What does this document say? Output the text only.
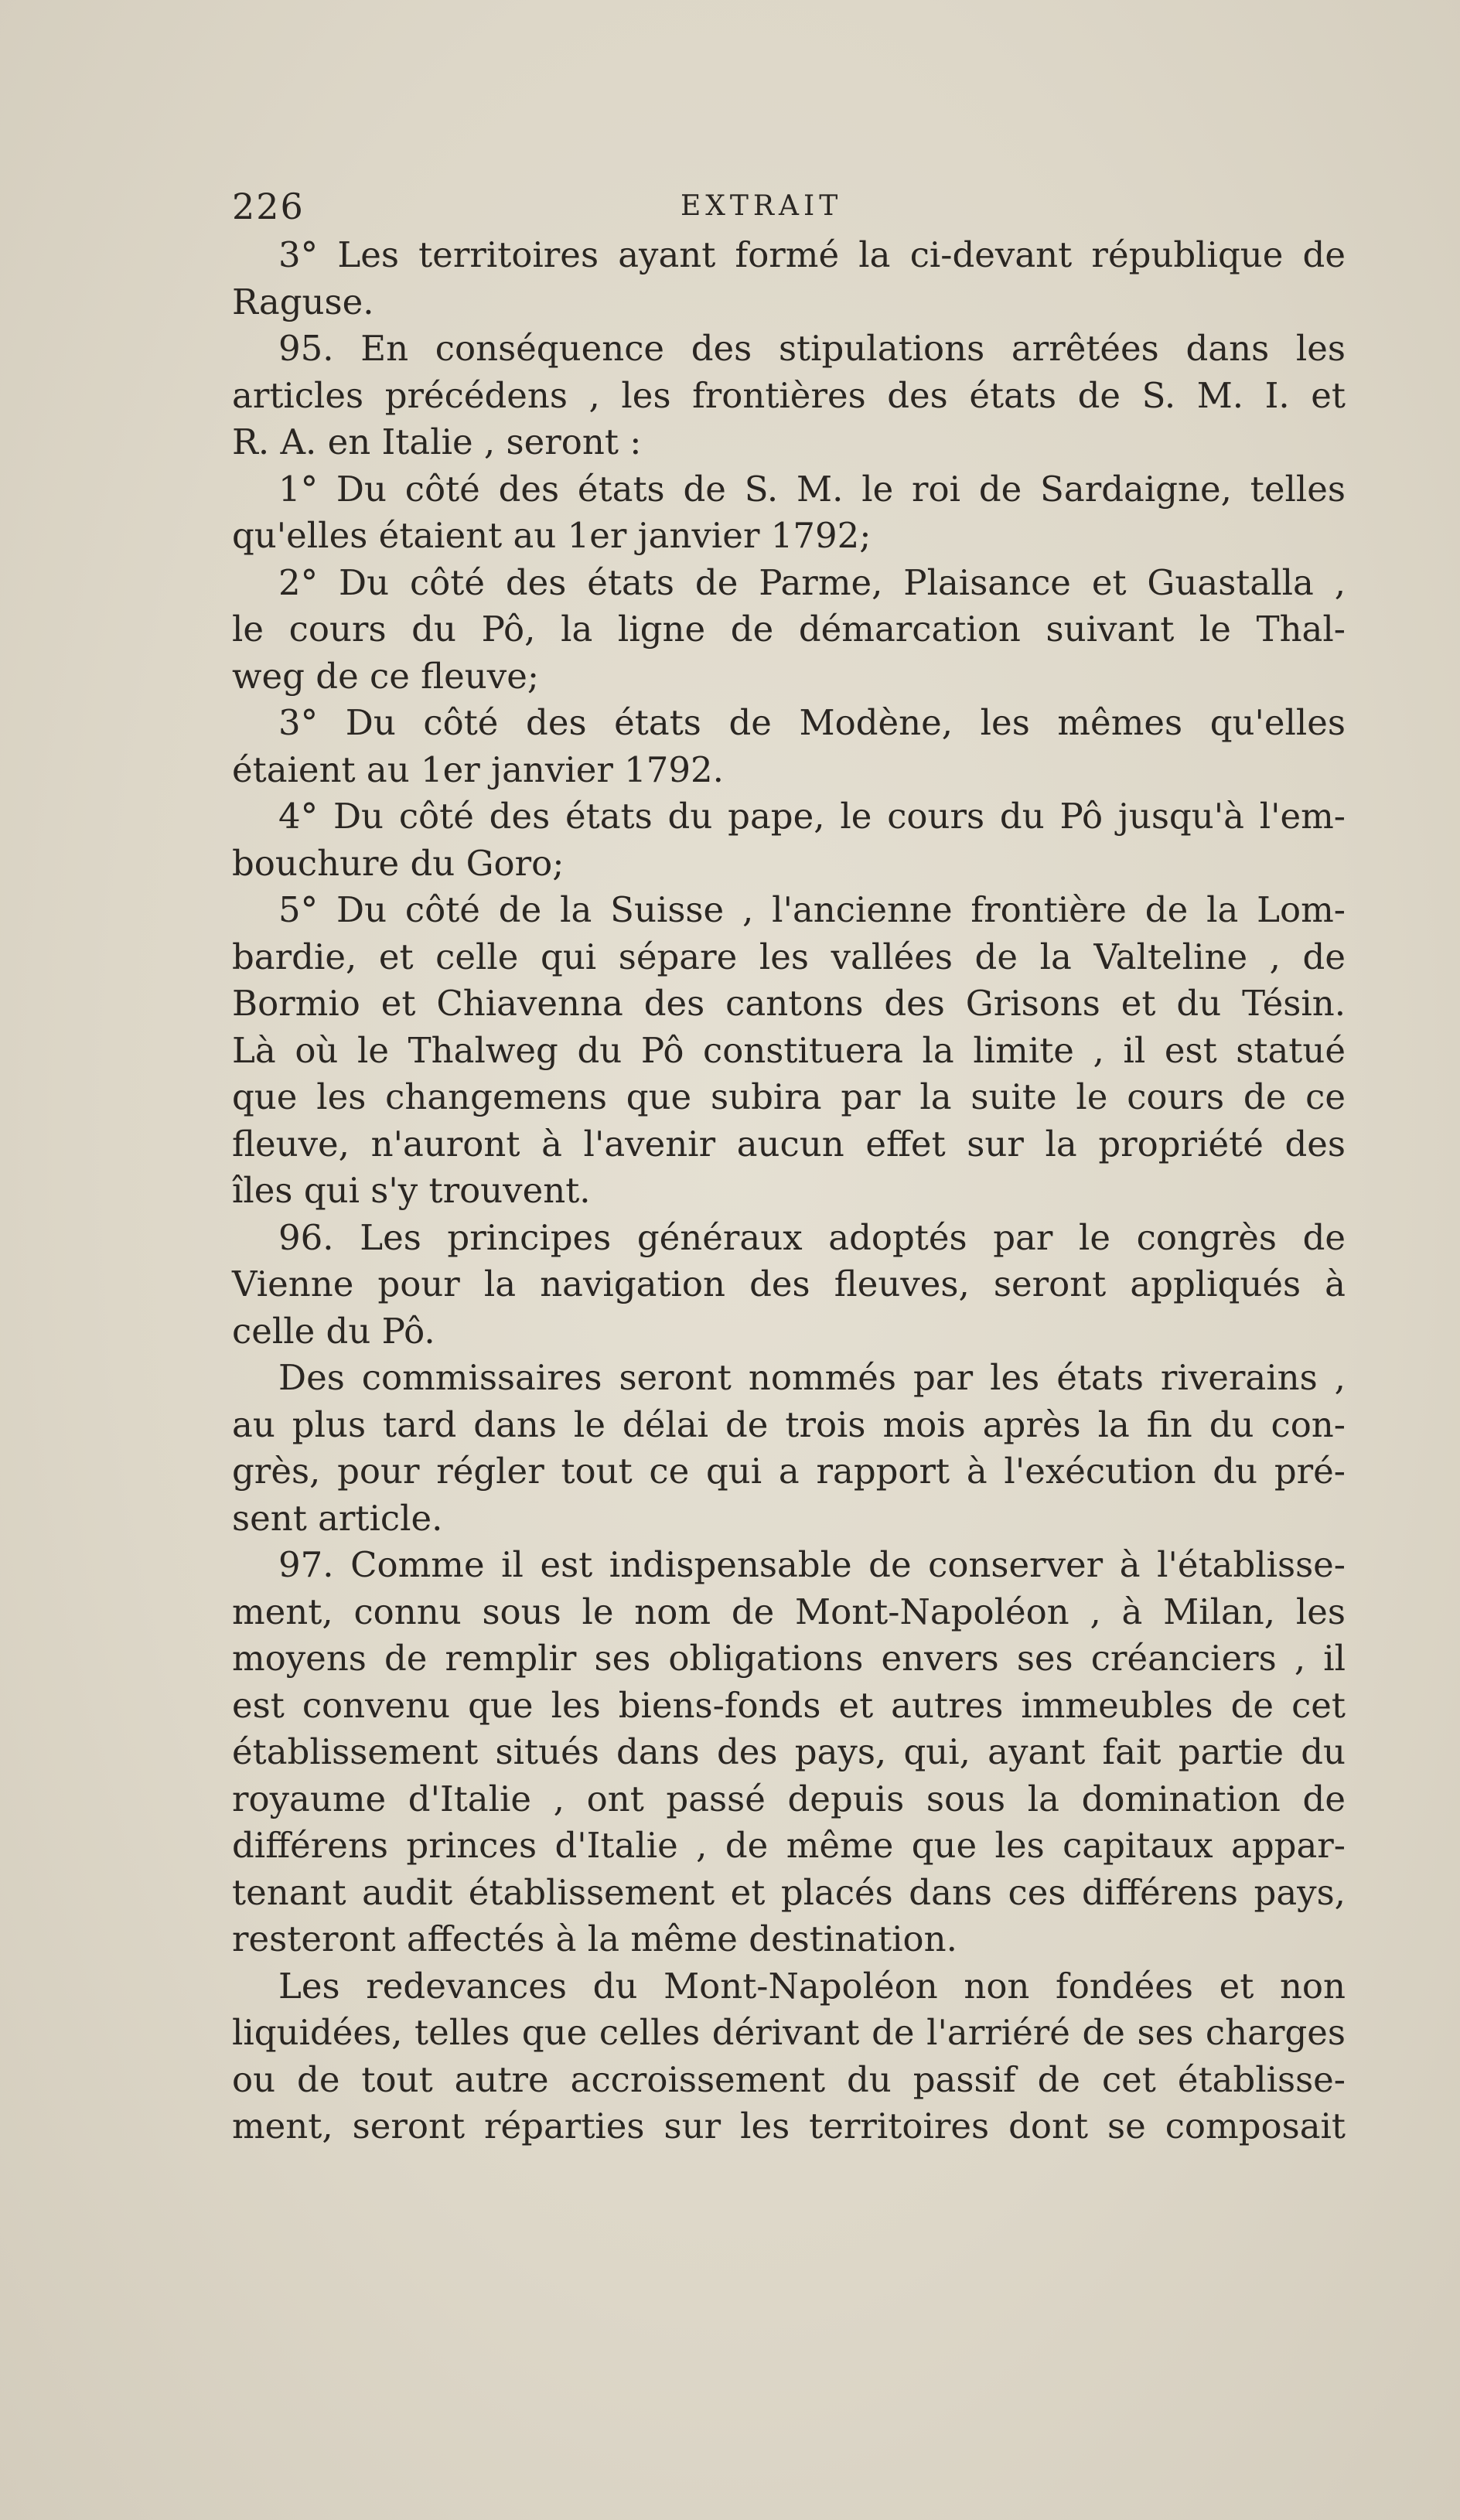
226	EXTRAIT
3° Les territoires ayant formé la ci-devant république de
Raguse.
95. En conséquence des stipulations arrêtées dans les
articles précédens , les frontières des états de S. M. I. et
R. A. en Italie , seront :
1° Du côté des états de S. M. le roi de Sardaigne, telles
qu'elles étaient au 1er janvier 1792;
2° Du côté des états de Parme, Plaisance et Guastalla ,
le cours du Pô, la ligne de démarcation suivant le Thal-
weg de ce fleuve;
3° Du côté des états de Modène, les mêmes qu'elles
étaient au 1er janvier 1792.
4° Du côté des états du pape, le cours du Pô jusqu'à l'em-
bouchure du Goro;
5° Du côté de la Suisse , l'ancienne frontière de la Lom-
bardie, et celle qui sépare les vallées de la Valteline , de
Bormio et Chiavenna des cantons des Grisons et du Tésin.
Là où le Thalweg du Pô constituera la limite , il est statué
que les changemens que subira par la suite le cours de ce
fleuve, n'auront à l'avenir aucun effet sur la propriété des
îles qui s'y trouvent.
96. Les principes généraux adoptés par le congrès de
Vienne pour la navigation des fleuves, seront appliqués à
celle du Pô.
Des commissaires seront nommés par les états riverains ,
au plus tard dans le délai de trois mois après la fin du con-
grès, pour régler tout ce qui a rapport à l'exécution du pré-
sent article.
97. Comme il est indispensable de conserver à l'établisse-
ment, connu sous le nom de Mont-Napoléon , à Milan, les
moyens de remplir ses obligations envers ses créanciers , il
est convenu que les biens-fonds et autres immeubles de cet
établissement situés dans des pays, qui, ayant fait partie du
royaume d'Italie , ont passé depuis sous la domination de
différens princes d'Italie , de même que les capitaux appar-
tenant audit établissement et placés dans ces différens pays,
resteront affectés à la même destination.
Les redevances du Mont-Napoléon non fondées et non
liquidées, telles que celles dérivant de l'arriéré de ses charges
ou de tout autre accroissement du passif de cet établisse-
ment, seront réparties sur les territoires dont se composait
